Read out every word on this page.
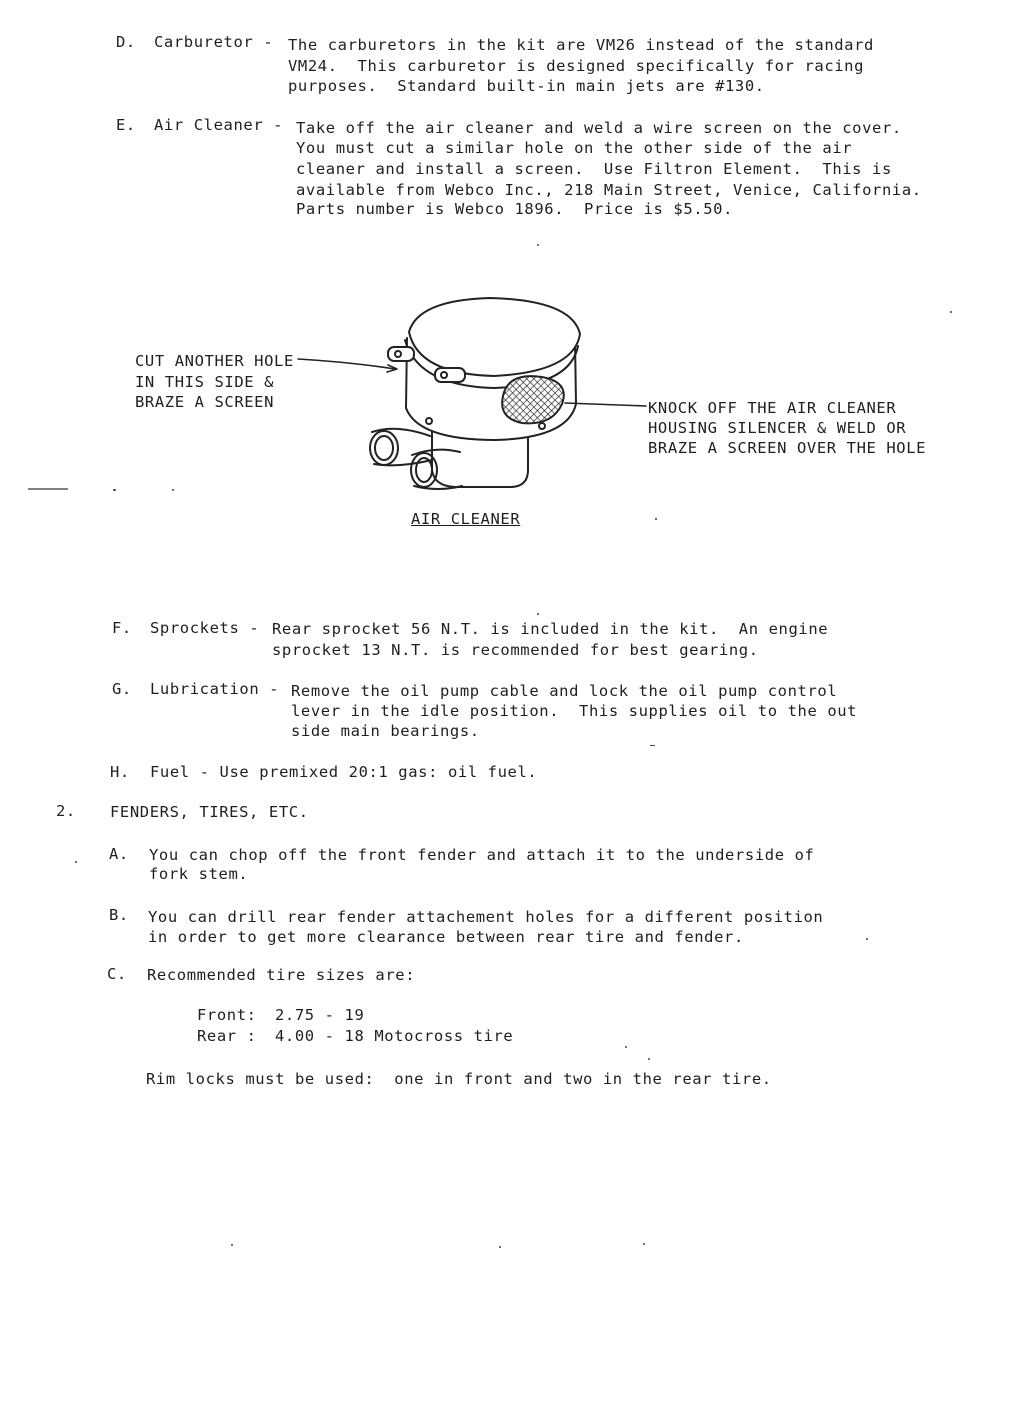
D. Carburetor - The carburetors in the kit are VM26 instead of the standard
VM24.  This carburetor is designed specifically for racing
purposes.  Standard built-in main jets are #130.
E. Air Cleaner - Take off the air cleaner and weld a wire screen on the cover.
You must cut a similar hole on the other side of the air
cleaner and install a screen.  Use Filtron Element.  This is
available from Webco Inc., 218 Main Street, Venice, California.
Parts number is Webco 1896.  Price is $5.50.
CUT ANOTHER HOLE
IN THIS SIDE &
BRAZE A SCREEN	KNOCK OFF THE AIR CLEANER
HOUSING SILENCER & WELD OR
BRAZE A SCREEN OVER THE HOLE
AIR CLEANER
F. Sprockets - Rear sprocket 56 N.T. is included in the kit.  An engine
sprocket 13 N.T. is recommended for best gearing.
G. Lubrication - Remove the oil pump cable and lock the oil pump control
lever in the idle position.  This supplies oil to the out
side main bearings.
H. Fuel - Use premixed 20:1 gas: oil fuel.
2. FENDERS, TIRES, ETC.
A. You can chop off the front fender and attach it to the underside of
fork stem.
B. You can drill rear fender attachement holes for a different position
in order to get more clearance between rear tire and fender.
C. Recommended tire sizes are:
Front: 2.75 - 19
Rear : 4.00 - 18 Motocross tire
Rim locks must be used:  one in front and two in the rear tire.
